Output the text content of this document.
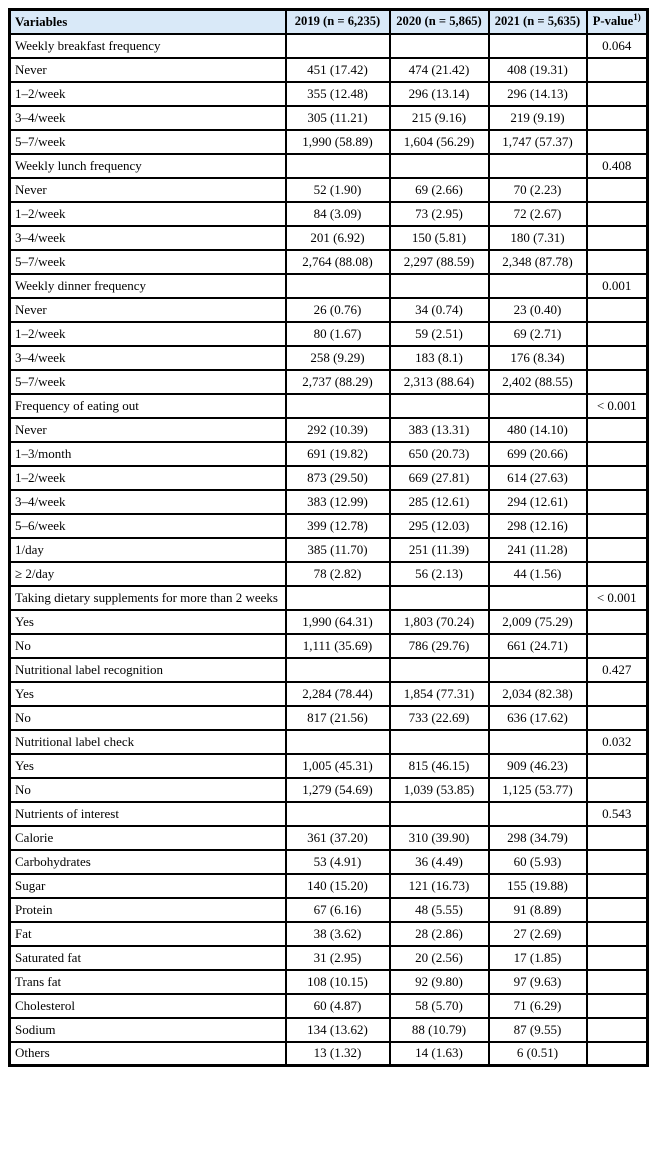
Variables	2019 (n = 6,235)	2020 (n = 5,865)	2021 (n = 5,635)	P-value$^{1)}$
Weekly breakfast frequency				0.064
Never	451 (17.42)	474 (21.42)	408 (19.31)	
1–2/week	355 (12.48)	296 (13.14)	296 (14.13)	
3–4/week	305 (11.21)	215 (9.16)	219 (9.19)	
5–7/week	1,990 (58.89)	1,604 (56.29)	1,747 (57.37)	
Weekly lunch frequency				0.408
Never	52 (1.90)	69 (2.66)	70 (2.23)	
1–2/week	84 (3.09)	73 (2.95)	72 (2.67)	
3–4/week	201 (6.92)	150 (5.81)	180 (7.31)	
5–7/week	2,764 (88.08)	2,297 (88.59)	2,348 (87.78)	
Weekly dinner frequency				0.001
Never	26 (0.76)	34 (0.74)	23 (0.40)	
1–2/week	80 (1.67)	59 (2.51)	69 (2.71)	
3–4/week	258 (9.29)	183 (8.1)	176 (8.34)	
5–7/week	2,737 (88.29)	2,313 (88.64)	2,402 (88.55)	
Frequency of eating out				< 0.001
Never	292 (10.39)	383 (13.31)	480 (14.10)	
1–3/month	691 (19.82)	650 (20.73)	699 (20.66)	
1–2/week	873 (29.50)	669 (27.81)	614 (27.63)	
3–4/week	383 (12.99)	285 (12.61)	294 (12.61)	
5–6/week	399 (12.78)	295 (12.03)	298 (12.16)	
1/day	385 (11.70)	251 (11.39)	241 (11.28)	
≥ 2/day	78 (2.82)	56 (2.13)	44 (1.56)	
Taking dietary supplements for more than 2 weeks				< 0.001
Yes	1,990 (64.31)	1,803 (70.24)	2,009 (75.29)	
No	1,111 (35.69)	786 (29.76)	661 (24.71)	
Nutritional label recognition				0.427
Yes	2,284 (78.44)	1,854 (77.31)	2,034 (82.38)	
No	817 (21.56)	733 (22.69)	636 (17.62)	
Nutritional label check				0.032
Yes	1,005 (45.31)	815 (46.15)	909 (46.23)	
No	1,279 (54.69)	1,039 (53.85)	1,125 (53.77)	
Nutrients of interest				0.543
Calorie	361 (37.20)	310 (39.90)	298 (34.79)	
Carbohydrates	53 (4.91)	36 (4.49)	60 (5.93)	
Sugar	140 (15.20)	121 (16.73)	155 (19.88)	
Protein	67 (6.16)	48 (5.55)	91 (8.89)	
Fat	38 (3.62)	28 (2.86)	27 (2.69)	
Saturated fat	31 (2.95)	20 (2.56)	17 (1.85)	
Trans fat	108 (10.15)	92 (9.80)	97 (9.63)	
Cholesterol	60 (4.87)	58 (5.70)	71 (6.29)	
Sodium	134 (13.62)	88 (10.79)	87 (9.55)	
Others	13 (1.32)	14 (1.63)	6 (0.51)	
